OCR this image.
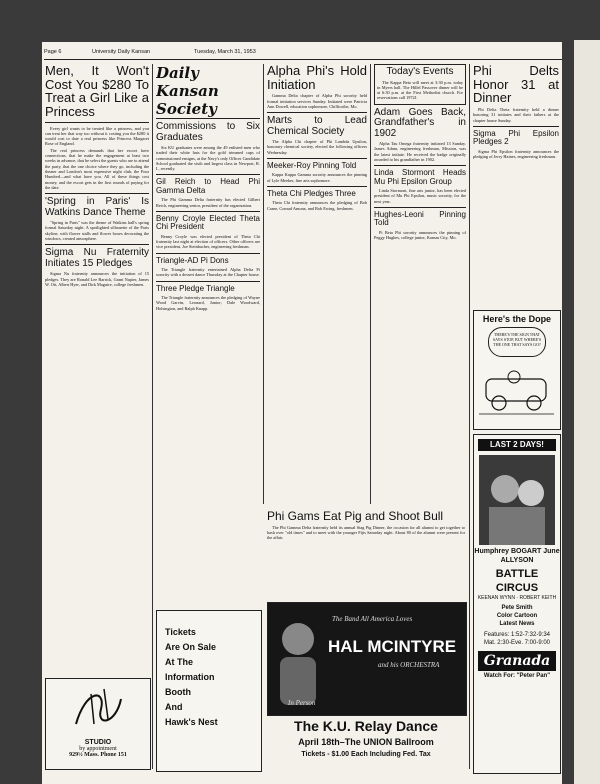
Page 6	University Daily Kansan	Tuesday, March 31, 1953
Men, It Won't Cost You $280 To Treat a Girl Like a Princess

Every girl wants to be treated like a princess, and you can treat her that way too without it costing you the $280 it would cost to date a real princess like Princess Margaret Rose of England.

The real princess demands that her escort have connections, that he make the engagement at least two weeks in advance, that he select the guests who are to attend the party, that the one choice where they go, including the theater and London's most expensive night club, the Four Hundred—and what have you. All of these things cost money, and the escort gets in the first rounds of paying for the date.

'Spring in Paris' Is Watkins Dance Theme

"Spring in Paris" was the theme of Watkins hall's spring formal Saturday night. A spotlighted silhouette of the Paris skyline, with flower stalls and flower boxes decorating the windows, created atmosphere.

Sigma Nu Fraternity Initiates 15 Pledges

Sigma Nu fraternity announces the initiation of 15 pledges. They are Ronald Lee Barrick, Grant Napier, James W. Ott, Albert Hyer, and Dirk Maguire, college freshmen.

STUDIO
by appointment
929½ Mass. Phone 151
Daily Kansan Society
Commissions to Six Graduates

Six KU graduates were among the 49 enlisted men who traded their white hats for the gold trimmed caps of commissioned ensigns, at the Navy's only Officer Candidate School graduated the sixth and largest class in Newport, R. I., recently.

Gil Reich to Head Phi Gamma Delta

The Phi Gamma Delta fraternity has elected Gilbert Reich, engineering senior, president of the organization.

Benny Croyle Elected Theta Chi President

Benny Croyle was elected president of Theta Chi fraternity last night at election of officers. Other officers are vice president, Joe Steinbacher, engineering freshman.

Triangle-AD Pi Dons

The Triangle fraternity entertained Alpha Delta Pi sorority with a dessert dance Thursday at the Chapter house.

Three Pledge Triangle

The Triangle fraternity announces the pledging of Wayne Wood Garvin, Leonard, Junior; Dale Woodward, Holsington, and Ralph Knapp.

Tickets
Are On Sale
At The
Information
Booth
And
Hawk's Nest
Alpha Phi's Hold Initiation

Gamma Delta chapter of Alpha Phi sorority held formal initiation services Sunday. Initiated were Patricia Ann Dowell, education sophomore, Chillicothe, Mo.

Marts to Lead Chemical Society

The Alpha Chi chapter of Phi Lambda Upsilon, honorary chemical society, elected the following officers Wednesday.

Meeker-Roy Pinning Told

Kappa Kappa Gamma sorority announces the pinning of Lyle Meeker, fine arts sophomore.

Theta Chi Pledges Three

Theta Chi fraternity announces the pledging of Bob Crane, Conrad Amona, and Bob Ewing, freshmen.

Today's Events

The Kappa Beta will meet at 3:30 p.m. today in Myers hall. The Hillel Passover dinner will be at 6:30 p.m. at the First Methodist church. For reservations call 1972J.

Adam Goes Back, Grandfather's in 1902

Alpha Tau Omega fraternity initiated 13 Sunday. James Adam, engineering freshman, Mission, was the latest initiate. He received the badge originally awarded to his grandfather in 1902.

Linda Stormont Heads Mu Phi Epsilon Group

Linda Stormont, fine arts junior, has been elected president of Mu Phi Epsilon, music sorority, for the next year.

Hughes-Leoni Pinning Told

Pi Beta Phi sorority announces the pinning of Peggy Hughes, college junior, Kansas City, Mo.

Phi Delts Honor 31 at Dinner

Phi Delta Theta fraternity held a dinner honoring 31 initiates and their fathers at the chapter house Sunday.

Sigma Phi Epsilon Pledges 2

Sigma Phi Epsilon fraternity announces the pledging of Jerry Haines, engineering freshman.

Here's the Dope
THERE'S THE SIGN THAT SAYS STOP, BUT WHERE'S THE ONE THAT SAYS GO?
Phi Gams Eat Pig and Shoot Bull

The Phi Gamma Delta fraternity held its annual Stag Pig Dinner, the occasion for all alumni to get together to hash over "old times" and to meet with the younger Fijis Saturday night. About 80 of the alumni were present for the affair.

The Band All America Loves
HAL MCINTYRE
and his ORCHESTRA
In Person
The K.U. Relay Dance
April 18th–The UNION Ballroom
Tickets - $1.00 Each Including Fed. Tax
LAST 2 DAYS!
Humphrey BOGART June ALLYSON
BATTLE CIRCUS
KEENAN WYNN · ROBERT KEITH
Pete Smith
Color Cartoon
Latest News
Features: 1:52-7:32-9:34
Mat. 2:30-Eve. 7:00-9:00
Granada
Watch For: "Peter Pan"
